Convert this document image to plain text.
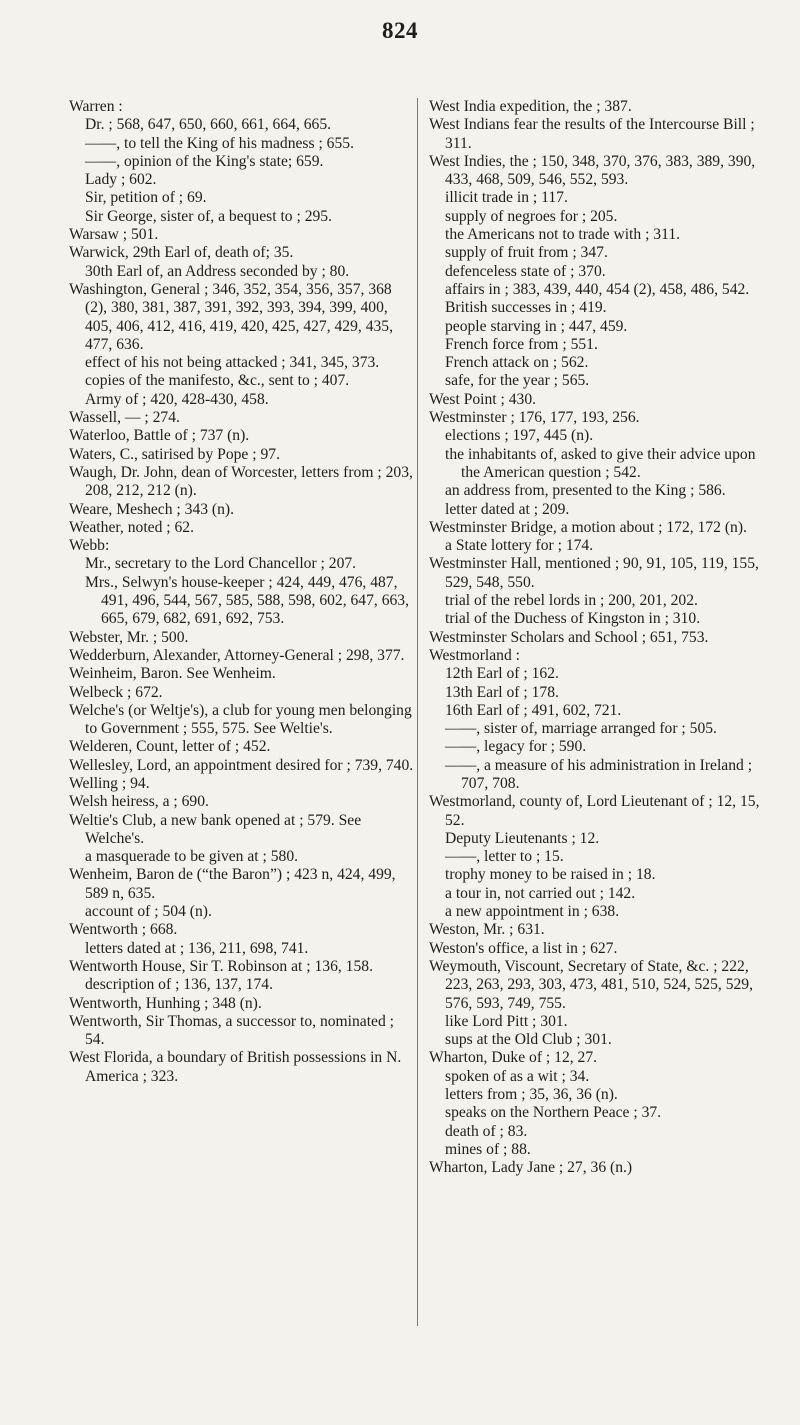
824
Warren :
Dr. ; 568, 647, 650, 660, 661, 664, 665.
——, to tell the King of his madness ; 655.
——, opinion of the King's state; 659.
Lady ; 602.
Sir, petition of ; 69.
Sir George, sister of, a bequest to ; 295.
Warsaw ; 501.
Warwick, 29th Earl of, death of; 35.
30th Earl of, an Address seconded by ; 80.
Washington, General ; 346, 352, 354, 356, 357, 368 (2), 380, 381, 387, 391, 392, 393, 394, 399, 400, 405, 406, 412, 416, 419, 420, 425, 427, 429, 435, 477, 636.
effect of his not being attacked ; 341, 345, 373.
copies of the manifesto, &c., sent to ; 407.
Army of ; 420, 428-430, 458.
Wassell, — ; 274.
Waterloo, Battle of ; 737 (n).
Waters, C., satirised by Pope ; 97.
Waugh, Dr. John, dean of Worcester, letters from ; 203, 208, 212, 212 (n).
Weare, Meshech ; 343 (n).
Weather, noted ; 62.
Webb:
Mr., secretary to the Lord Chancellor ; 207.
Mrs., Selwyn's house-keeper ; 424, 449, 476, 487, 491, 496, 544, 567, 585, 588, 598, 602, 647, 663, 665, 679, 682, 691, 692, 753.
Webster, Mr. ; 500.
Wedderburn, Alexander, Attorney-General ; 298, 377.
Weinheim, Baron. See Wenheim.
Welbeck ; 672.
Welche's (or Weltje's), a club for young men belonging to Government ; 555, 575. See Weltie's.
Welderen, Count, letter of ; 452.
Wellesley, Lord, an appointment desired for ; 739, 740.
Welling ; 94.
Welsh heiress, a ; 690.
Weltie's Club, a new bank opened at ; 579. See Welche's.
a masquerade to be given at ; 580.
Wenheim, Baron de (“the Baron”) ; 423 n, 424, 499, 589 n, 635.
account of ; 504 (n).
Wentworth ; 668.
letters dated at ; 136, 211, 698, 741.
Wentworth House, Sir T. Robinson at ; 136, 158.
description of ; 136, 137, 174.
Wentworth, Hunhing ; 348 (n).
Wentworth, Sir Thomas, a successor to, nominated ; 54.
West Florida, a boundary of British possessions in N. America ; 323.
West India expedition, the ; 387.
West Indians fear the results of the Intercourse Bill ; 311.
West Indies, the ; 150, 348, 370, 376, 383, 389, 390, 433, 468, 509, 546, 552, 593.
illicit trade in ; 117.
supply of negroes for ; 205.
the Americans not to trade with ; 311.
supply of fruit from ; 347.
defenceless state of ; 370.
affairs in ; 383, 439, 440, 454 (2), 458, 486, 542.
British successes in ; 419.
people starving in ; 447, 459.
French force from ; 551.
French attack on ; 562.
safe, for the year ; 565.
West Point ; 430.
Westminster ; 176, 177, 193, 256.
elections ; 197, 445 (n).
the inhabitants of, asked to give their advice upon the American question ; 542.
an address from, presented to the King ; 586.
letter dated at ; 209.
Westminster Bridge, a motion about ; 172, 172 (n).
a State lottery for ; 174.
Westminster Hall, mentioned ; 90, 91, 105, 119, 155, 529, 548, 550.
trial of the rebel lords in ; 200, 201, 202.
trial of the Duchess of Kingston in ; 310.
Westminster Scholars and School ; 651, 753.
Westmorland :
12th Earl of ; 162.
13th Earl of ; 178.
16th Earl of ; 491, 602, 721.
——, sister of, marriage arranged for ; 505.
——, legacy for ; 590.
——, a measure of his administration in Ireland ; 707, 708.
Westmorland, county of, Lord Lieutenant of ; 12, 15, 52.
Deputy Lieutenants ; 12.
——, letter to ; 15.
trophy money to be raised in ; 18.
a tour in, not carried out ; 142.
a new appointment in ; 638.
Weston, Mr. ; 631.
Weston's office, a list in ; 627.
Weymouth, Viscount, Secretary of State, &c. ; 222, 223, 263, 293, 303, 473, 481, 510, 524, 525, 529, 576, 593, 749, 755.
like Lord Pitt ; 301.
sups at the Old Club ; 301.
Wharton, Duke of ; 12, 27.
spoken of as a wit ; 34.
letters from ; 35, 36, 36 (n).
speaks on the Northern Peace ; 37.
death of ; 83.
mines of ; 88.
Wharton, Lady Jane ; 27, 36 (n.)
